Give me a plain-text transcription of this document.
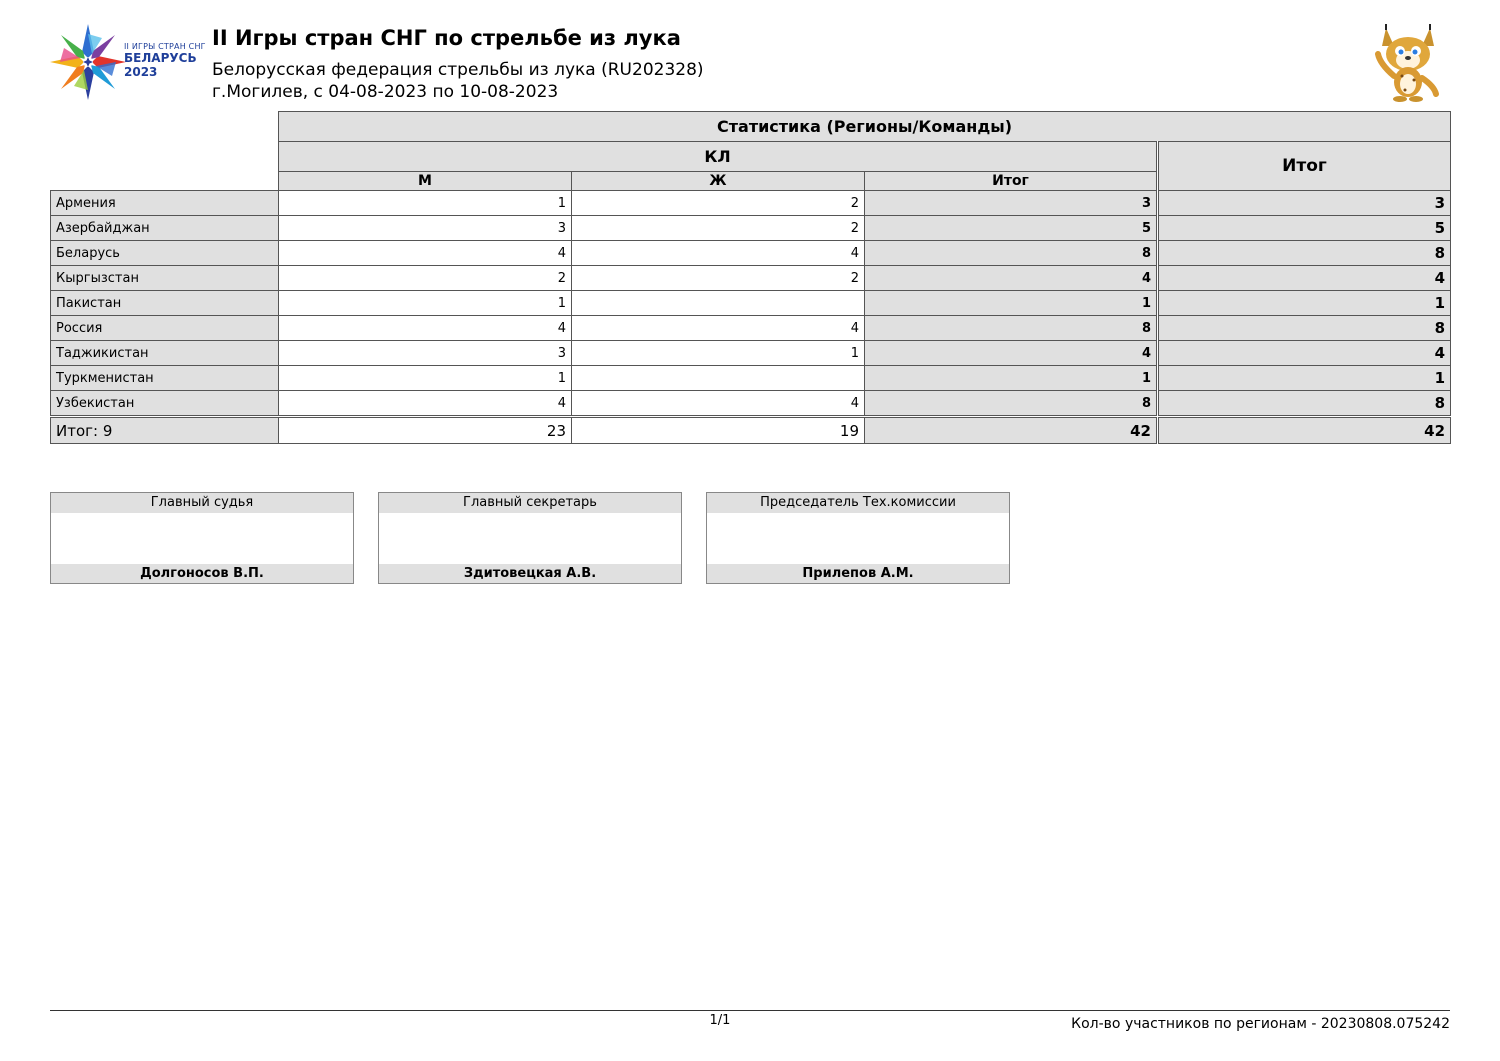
II ИГРЫ СТРАН СНГ
БЕЛАРУСЬ
2023
II Игры стран СНГ по стрельбе из лука
Белорусская федерация стрельбы из лука (RU202328)
г.Могилев, с 04-08-2023 по 10-08-2023
	Статистика (Регионы/Команды)			
	КЛ			Итог
	М	Ж	Итог	
Армения	1	2	3	3
Азербайджан	3	2	5	5
Беларусь	4	4	8	8
Кыргызстан	2	2	4	4
Пакистан	1		1	1
Россия	4	4	8	8
Таджикистан	3	1	4	4
Туркменистан	1		1	1
Узбекистан	4	4	8	8

Итог: 9	23	19	42	42
Главный судья
Долгоносов В.П.
Главный секретарь
Здитовецкая А.В.
Председатель Тех.комиссии
Прилепов А.М.
1/1	Кол-во участников по регионам - 20230808.075242
